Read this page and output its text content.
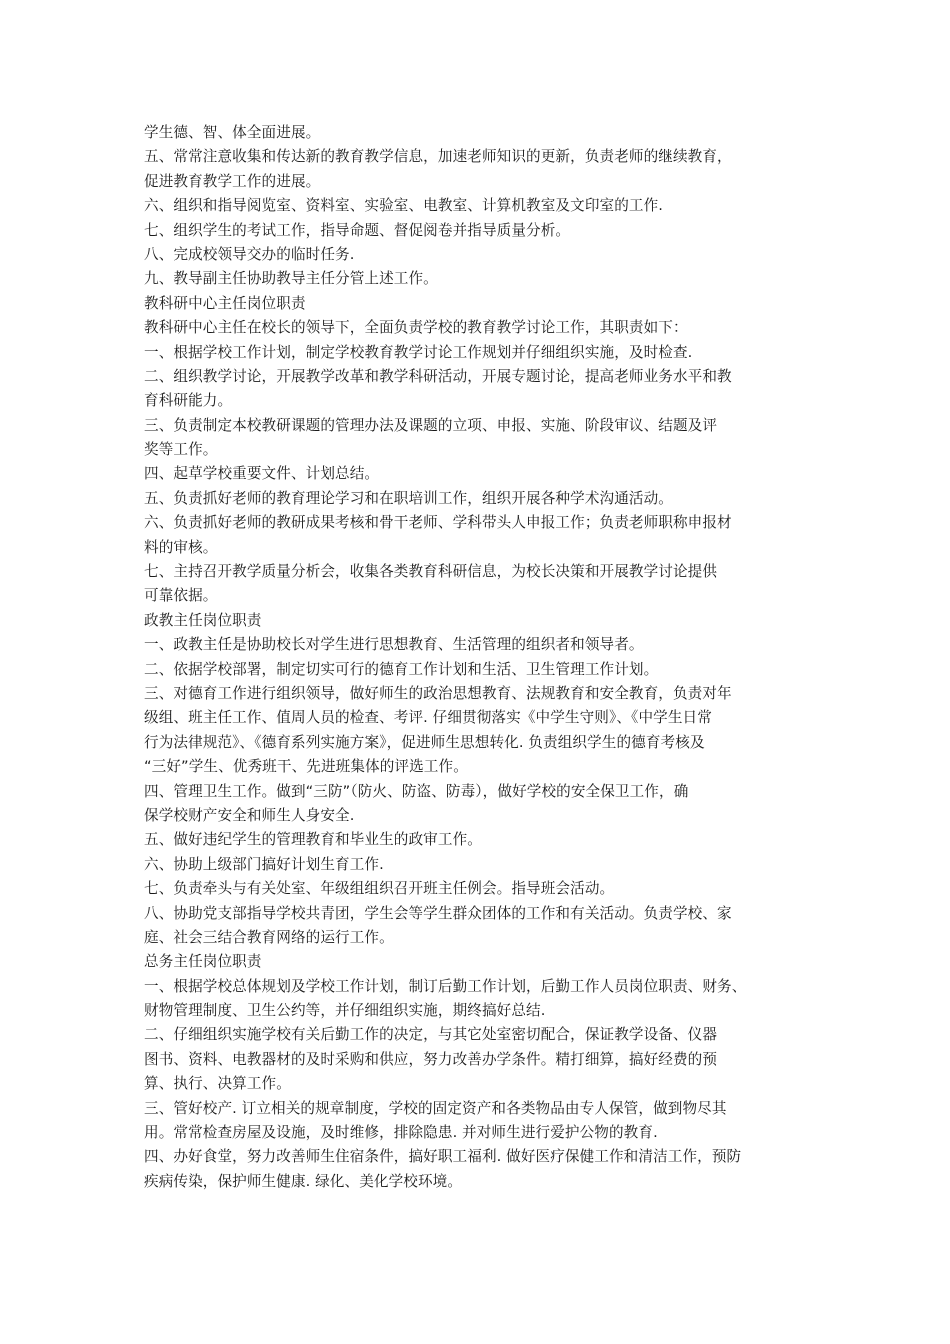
学生德、智、体全面进展。
五、常常注意收集和传达新的教育教学信息，加速老师知识的更新，负责老师的继续教育，
促进教育教学工作的进展。
六、组织和指导阅览室、资料室、实验室、电教室、计算机教室及文印室的工作.
七、组织学生的考试工作，指导命题、督促阅卷并指导质量分析。
八、完成校领导交办的临时任务.
九、教导副主任协助教导主任分管上述工作。
教科研中心主任岗位职责
教科研中心主任在校长的领导下，全面负责学校的教育教学讨论工作，其职责如下：
一、根据学校工作计划，制定学校教育教学讨论工作规划并仔细组织实施，及时检查.
二、组织教学讨论，开展教学改革和教学科研活动，开展专题讨论，提高老师业务水平和教
育科研能力。
三、负责制定本校教研课题的管理办法及课题的立项、申报、实施、阶段审议、结题及评
奖等工作。
四、起草学校重要文件、计划总结。
五、负责抓好老师的教育理论学习和在职培训工作，组织开展各种学术沟通活动。
六、负责抓好老师的教研成果考核和骨干老师、学科带头人申报工作；负责老师职称申报材
料的审核。
七、主持召开教学质量分析会，收集各类教育科研信息，为校长决策和开展教学讨论提供
可靠依据。
政教主任岗位职责
一、政教主任是协助校长对学生进行思想教育、生活管理的组织者和领导者。
二、依据学校部署，制定切实可行的德育工作计划和生活、卫生管理工作计划。
三、对德育工作进行组织领导，做好师生的政治思想教育、法规教育和安全教育，负责对年
级组、班主任工作、值周人员的检查、考评. 仔细贯彻落实《中学生守则》、《中学生日常
行为法律规范》、《德育系列实施方案》，促进师生思想转化. 负责组织学生的德育考核及
“三好”学生、优秀班干、先进班集体的评选工作。
四、管理卫生工作。做到“三防”（防火、防盗、防毒），做好学校的安全保卫工作，确
保学校财产安全和师生人身安全.
五、做好违纪学生的管理教育和毕业生的政审工作。
六、协助上级部门搞好计划生育工作.
七、负责牵头与有关处室、年级组组织召开班主任例会。指导班会活动。
八、协助党支部指导学校共青团，学生会等学生群众团体的工作和有关活动。负责学校、家
庭、社会三结合教育网络的运行工作。
总务主任岗位职责
一、根据学校总体规划及学校工作计划，制订后勤工作计划，后勤工作人员岗位职责、财务、
财物管理制度、卫生公约等，并仔细组织实施，期终搞好总结.
二、仔细组织实施学校有关后勤工作的决定，与其它处室密切配合，保证教学设备、仪器
图书、资料、电教器材的及时采购和供应，努力改善办学条件。精打细算，搞好经费的预
算、执行、决算工作。
三、管好校产. 订立相关的规章制度，学校的固定资产和各类物品由专人保管，做到物尽其
用。常常检查房屋及设施，及时维修，排除隐患. 并对师生进行爱护公物的教育.
四、办好食堂，努力改善师生住宿条件，搞好职工福利. 做好医疗保健工作和清洁工作，预防
疾病传染，保护师生健康. 绿化、美化学校环境。
